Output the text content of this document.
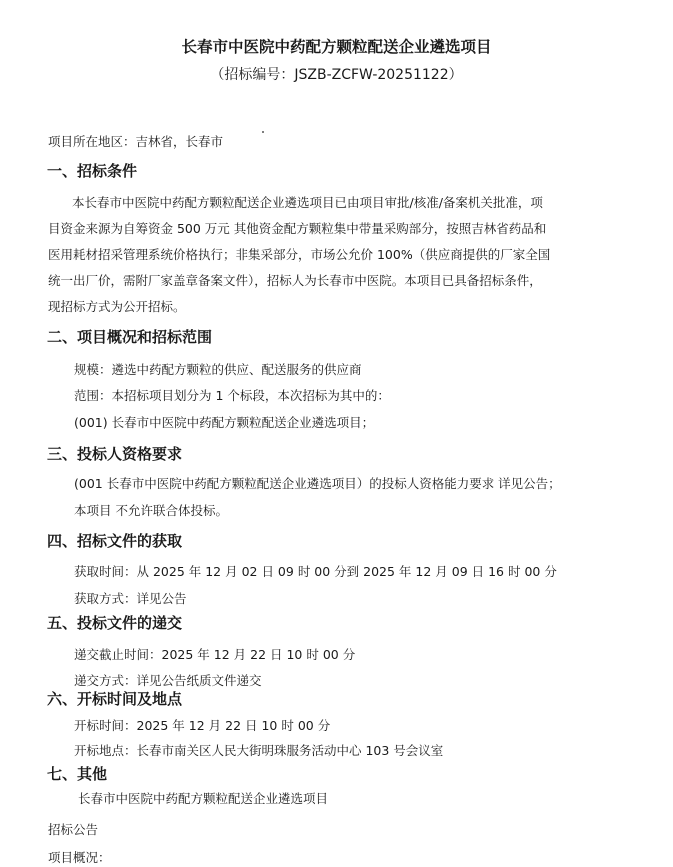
长春市中医院中药配方颗粒配送企业遴选项目
（招标编号：JSZB-ZCFW-20251122）
项目所在地区：吉林省，长春市
一、招标条件
本长春市中医院中药配方颗粒配送企业遴选项目已由项目审批/核准/备案机关批准，项
目资金来源为自筹资金 500 万元 其他资金配方颗粒集中带量采购部分，按照吉林省药品和
医用耗材招采管理系统价格执行；非集采部分，市场公允价 100%（供应商提供的厂家全国
统一出厂价，需附厂家盖章备案文件），招标人为长春市中医院。本项目已具备招标条件，
现招标方式为公开招标。
二、项目概况和招标范围
规模：遴选中药配方颗粒的供应、配送服务的供应商
范围：本招标项目划分为 1 个标段，本次招标为其中的：
(001) 长春市中医院中药配方颗粒配送企业遴选项目；
三、投标人资格要求
(001 长春市中医院中药配方颗粒配送企业遴选项目）的投标人资格能力要求 详见公告；
本项目 不允许联合体投标。
四、招标文件的获取
获取时间：从 2025 年 12 月 02 日 09 时 00 分到 2025 年 12 月 09 日 16 时 00 分
获取方式：详见公告
五、投标文件的递交
递交截止时间：2025 年 12 月 22 日 10 时 00 分
递交方式：详见公告纸质文件递交
六、开标时间及地点
开标时间：2025 年 12 月 22 日 10 时 00 分
开标地点：长春市南关区人民大街明珠服务活动中心 103 号会议室
七、其他
长春市中医院中药配方颗粒配送企业遴选项目
招标公告
项目概况：
